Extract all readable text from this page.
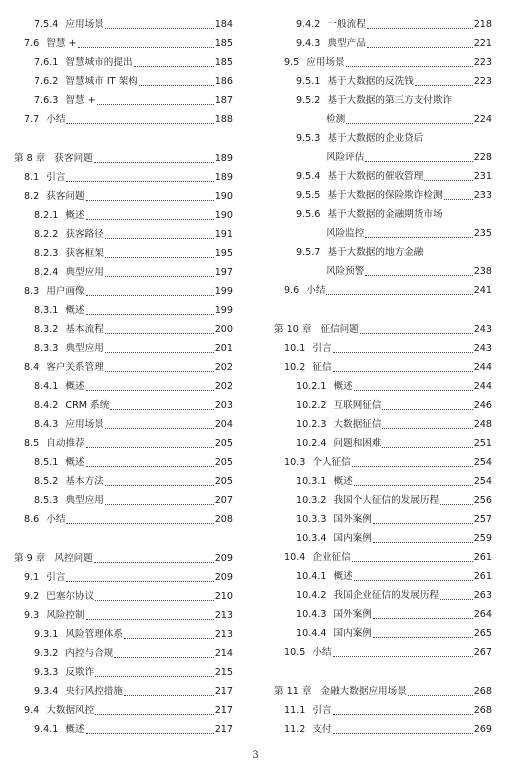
7.5.4 应用场景	184
7.6 智慧 +	185
7.6.1 智慧城市的提出	185
7.6.2 智慧城市 IT 架构	186
7.6.3 智慧 +	187
7.7 小结	188
第 8 章 获客问题	189
8.1 引言	189
8.2 获客问题	190
8.2.1 概述	190
8.2.2 获客路径	191
8.2.3 获客框架	195
8.2.4 典型应用	197
8.3 用户画像	199
8.3.1 概述	199
8.3.2 基本流程	200
8.3.3 典型应用	201
8.4 客户关系管理	202
8.4.1 概述	202
8.4.2 CRM 系统	203
8.4.3 应用场景	204
8.5 自动推荐	205
8.5.1 概述	205
8.5.2 基本方法	205
8.5.3 典型应用	207
8.6 小结	208
第 9 章 风控问题	209
9.1 引言	209
9.2 巴塞尔协议	210
9.3 风险控制	213
9.3.1 风险管理体系	213
9.3.2 内控与合规	214
9.3.3 反欺诈	215
9.3.4 央行风控措施	217
9.4 大数据风控	217
9.4.1 概述	217
9.4.2 一般流程	218
9.4.3 典型产品	221
9.5 应用场景	223
9.5.1 基于大数据的反洗钱	223
9.5.2 基于大数据的第三方支付欺诈
检测	224
9.5.3 基于大数据的企业贷后
风险评估	228
9.5.4 基于大数据的催收管理	231
9.5.5 基于大数据的保险欺诈检测	233
9.5.6 基于大数据的金融期货市场
风险监控	235
9.5.7 基于大数据的地方金融
风险预警	238
9.6 小结	241
第 10 章 征信问题	243
10.1 引言	243
10.2 征信	244
10.2.1 概述	244
10.2.2 互联网征信	246
10.2.3 大数据征信	248
10.2.4 问题和困难	251
10.3 个人征信	254
10.3.1 概述	254
10.3.2 我国个人征信的发展历程	256
10.3.3 国外案例	257
10.3.4 国内案例	259
10.4 企业征信	261
10.4.1 概述	261
10.4.2 我国企业征信的发展历程	263
10.4.3 国外案例	264
10.4.4 国内案例	265
10.5 小结	267
第 11 章 金融大数据应用场景	268
11.1 引言	268
11.2 支付	269
3
